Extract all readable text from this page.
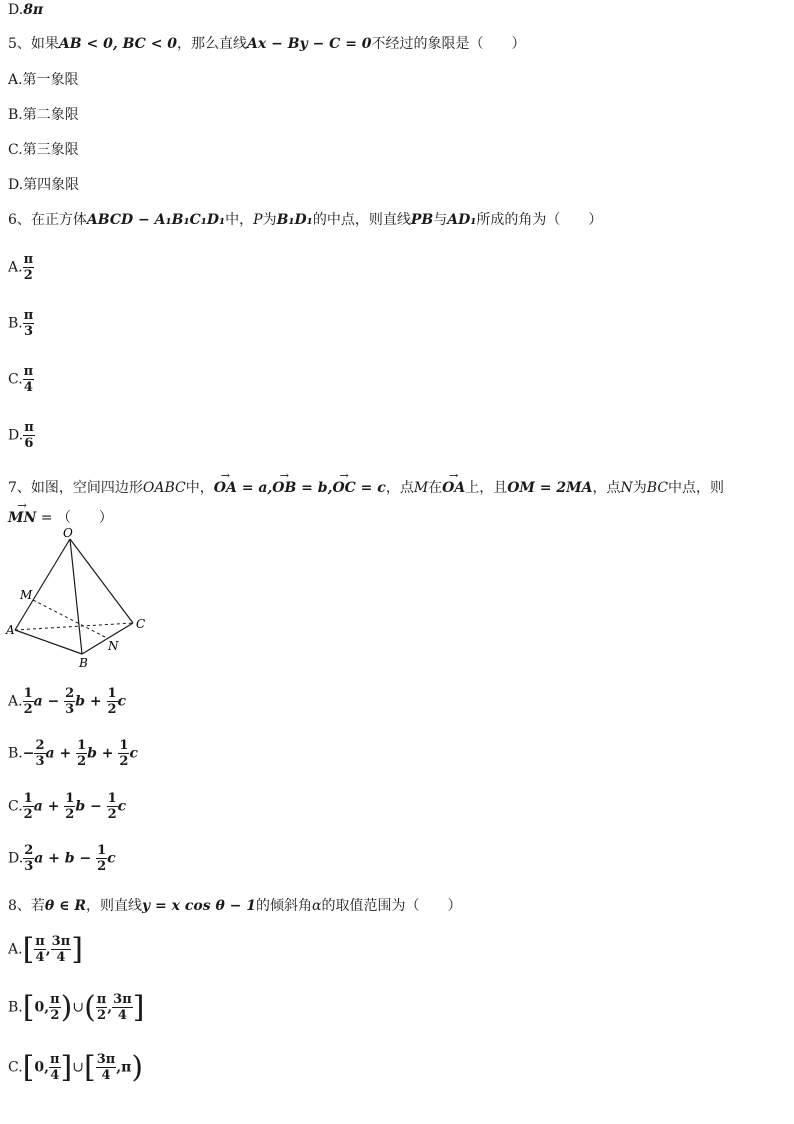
D.8π
5、如果AB < 0, BC < 0，那么直线Ax − By − C = 0不经过的象限是（　　）
A.第一象限
B.第二象限
C.第三象限
D.第四象限
6、在正方体ABCD − A₁B₁C₁D₁中，P为B₁D₁的中点，则直线PB与AD₁所成的角为（　　）
A. $\frac{\pi}{2}$
B. $\frac{\pi}{3}$
C. $\frac{\pi}{4}$
D. $\frac{\pi}{6}$
7、如图，空间四边形OABC中，→ OA = a,→ OB = b,→ OC = c，点M在→ OA上，且OM = 2MA，点N为BC中点，则
→ MN = （　　）
O
M
A
B
C
N
A. $\frac{1}{2}$ $a - \frac{2}{3}$ $b + \frac{1}{2}$ c
$B.- \frac{2}{3}$ $a + \frac{1}{2}$ $b + \frac{1}{2}$ c
C. $\frac{1}{2}$ $a + \frac{1}{2}$ $b - \frac{1}{2}$ c
D. $\frac{2}{3}$ $a + b - \frac{1}{2}$ c
8、若θ ∈ R，则直线y = x cos θ − 1的倾斜角α的取值范围为（　　）
$A.[ \frac{\pi}{4}$ , $\frac{3\pi}{4}$ ]
B.[0, $\frac{\pi}{2}$ )∪( $\frac{\pi}{2}$ , $\frac{3\pi}{4}$ ]
C.[0, $\frac{\pi}{4}$ ]∪[ $\frac{3\pi}{4} ,\pi$)
